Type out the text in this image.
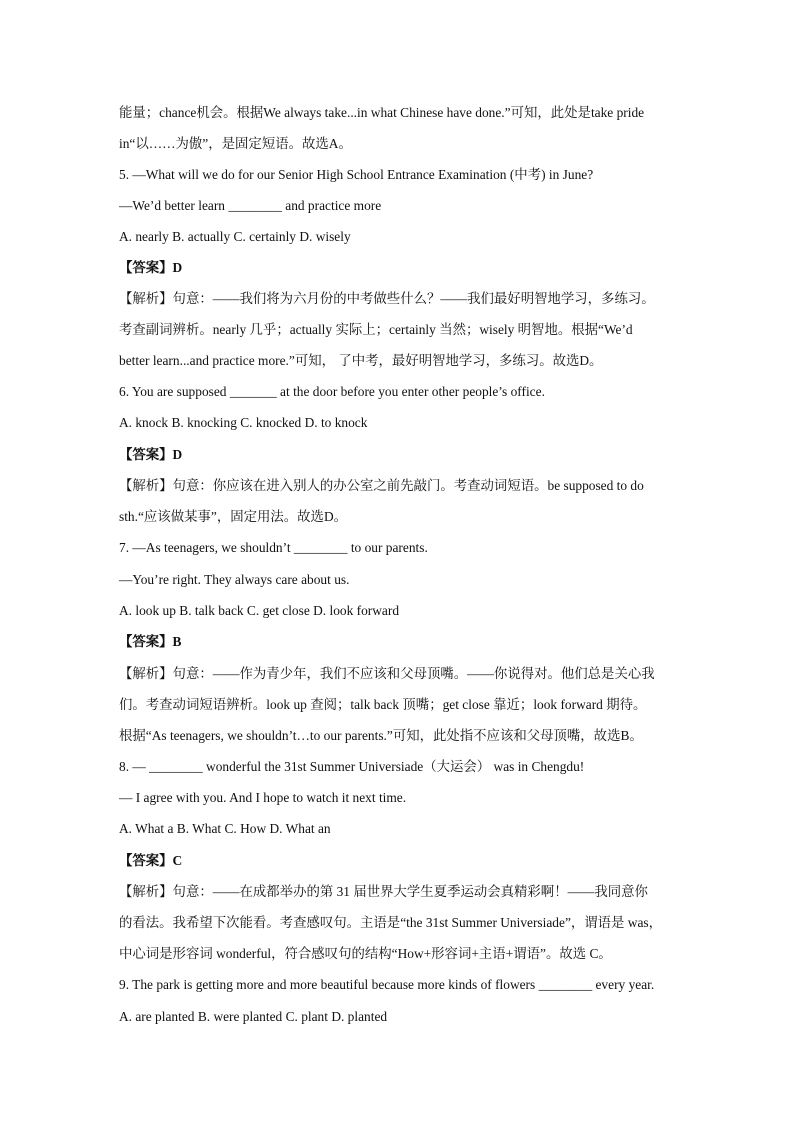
能量；chance机会。根据We always take...in what Chinese have done.”可知，此处是take pride
in“以……为傲”，是固定短语。故选A。
5. —What will we do for our Senior High School Entrance Examination (中考) in June?
—We’d better learn ________ and practice more
A. nearly B. actually C. certainly D. wisely
【答案】D
【解析】句意：——我们将为六月份的中考做些什么？——我们最好明智地学习，多练习。
考查副词辨析。nearly 几乎；actually 实际上；certainly 当然；wisely 明智地。根据“We’d
better learn...and practice more.”可知， 了中考，最好明智地学习，多练习。故选D。
6. You are supposed _______ at the door before you enter other people’s office.
A. knock B. knocking C. knocked D. to knock
【答案】D
【解析】句意：你应该在进入别人的办公室之前先敲门。考查动词短语。be supposed to do
sth.“应该做某事”，固定用法。故选D。
7. —As teenagers, we shouldn’t ________ to our parents.
—You’re right. They always care about us.
A. look up B. talk back C. get close D. look forward
【答案】B
【解析】句意：——作为青少年，我们不应该和父母顶嘴。——你说得对。他们总是关心我
们。考查动词短语辨析。look up 查阅；talk back 顶嘴；get close 靠近；look forward 期待。
根据“As teenagers, we shouldn’t…to our parents.”可知，此处指不应该和父母顶嘴，故选B。
8. — ________ wonderful the 31st Summer Universiade（大运会） was in Chengdu!
— I agree with you. And I hope to watch it next time.
A. What a B. What C. How D. What an
【答案】C
【解析】句意：——在成都举办的第 31 届世界大学生夏季运动会真精彩啊！——我同意你
的看法。我希望下次能看。考查感叹句。主语是“the 31st Summer Universiade”，谓语是 was，
中心词是形容词 wonderful，符合感叹句的结构“How+形容词+主语+谓语”。故选 C。
9. The park is getting more and more beautiful because more kinds of flowers ________ every year.
A. are planted B. were planted C. plant D. planted
